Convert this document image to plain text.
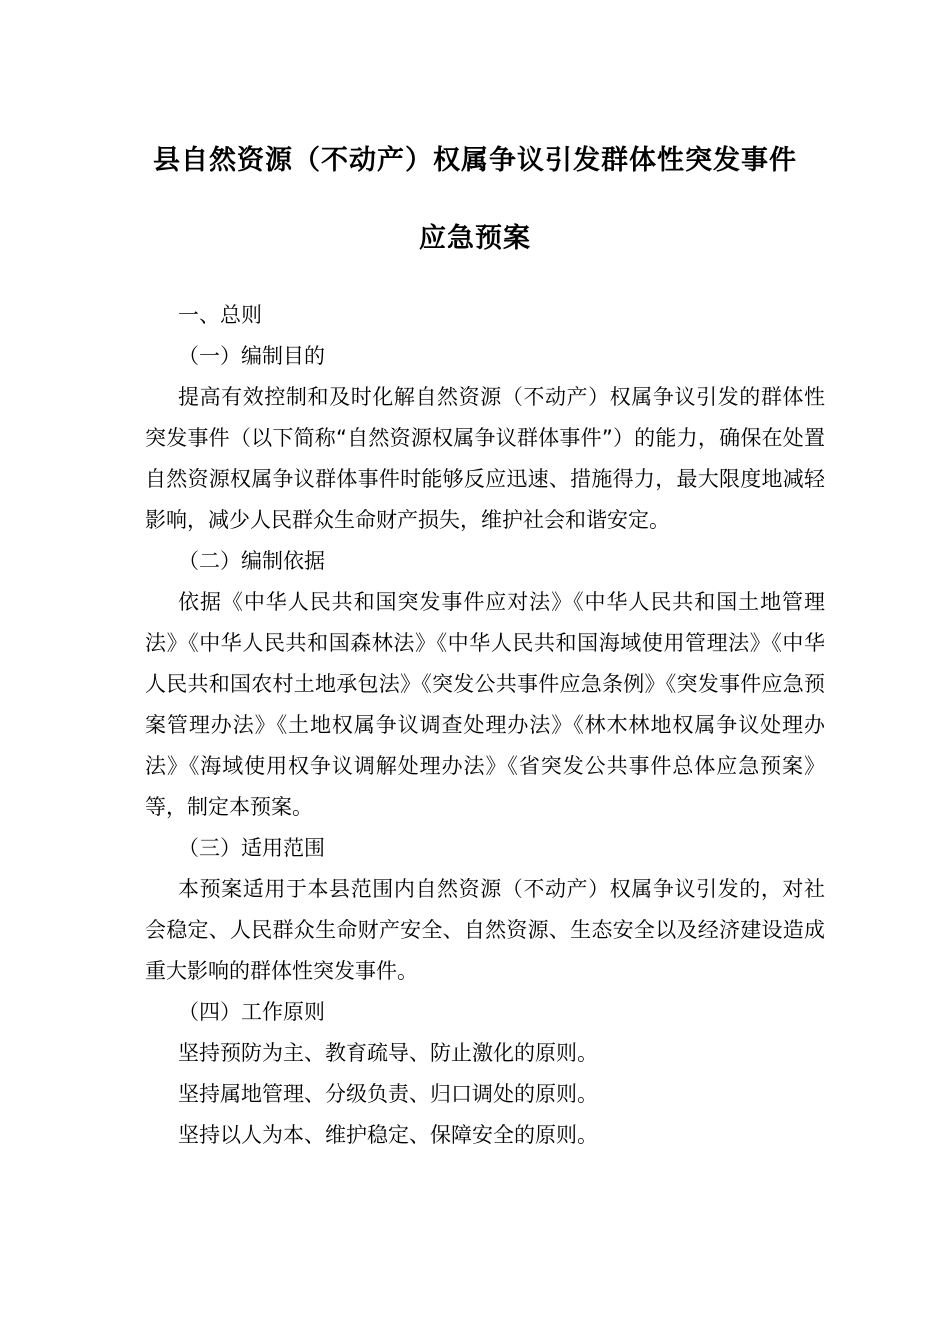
县自然资源（不动产）权属争议引发群体性突发事件
应急预案

一、总则

（一）编制目的

提高有效控制和及时化解自然资源（不动产）权属争议引发的群体性突发事件（以下简称“自然资源权属争议群体事件”）的能力，确保在处置自然资源权属争议群体事件时能够反应迅速、措施得力，最大限度地减轻影响，减少人民群众生命财产损失，维护社会和谐安定。

（二）编制依据

依据《中华人民共和国突发事件应对法》《中华人民共和国土地管理法》《中华人民共和国森林法》《中华人民共和国海域使用管理法》《中华人民共和国农村土地承包法》《突发公共事件应急条例》《突发事件应急预案管理办法》《土地权属争议调查处理办法》《林木林地权属争议处理办法》《海域使用权争议调解处理办法》《省突发公共事件总体应急预案》等，制定本预案。

（三）适用范围

本预案适用于本县范围内自然资源（不动产）权属争议引发的，对社会稳定、人民群众生命财产安全、自然资源、生态安全以及经济建设造成重大影响的群体性突发事件。

（四）工作原则

坚持预防为主、教育疏导、防止激化的原则。

坚持属地管理、分级负责、归口调处的原则。

坚持以人为本、维护稳定、保障安全的原则。
